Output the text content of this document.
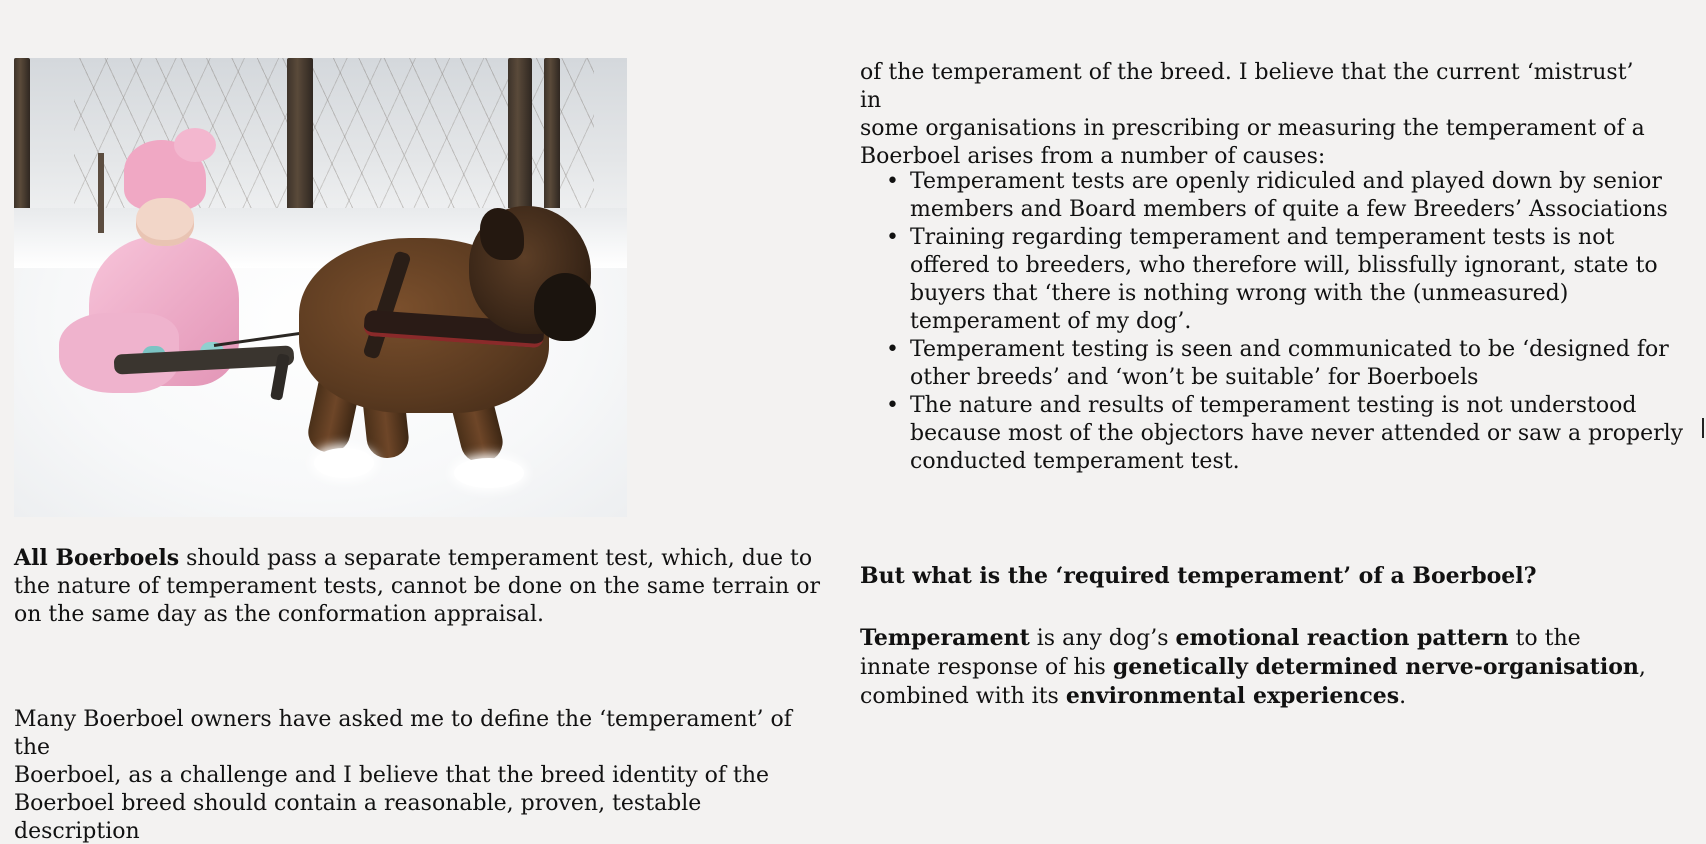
All Boerboels should pass a separate temperament test, which, due to

the nature of temperament tests, cannot be done on the same terrain or

on the same day as the conformation appraisal.

Many Boerboel owners have asked me to define the ‘temperament’ of the

Boerboel, as a challenge and I believe that the breed identity of the

Boerboel breed should contain a reasonable, proven, testable description

of the temperament of the breed. I believe that the current ‘mistrust’ in

some organisations in prescribing or measuring the temperament of a

Boerboel arises from a number of causes:

• Temperament tests are openly ridiculed and played down by senior
members and Board members of quite a few Breeders’ Associations
• Training regarding temperament and temperament tests is not
offered to breeders, who therefore will, blissfully ignorant, state to
buyers that ‘there is nothing wrong with the (unmeasured)
temperament of my dog’.
• Temperament testing is seen and communicated to be ‘designed for
other breeds’ and ‘won’t be suitable’ for Boerboels
• The nature and results of temperament testing is not understood
because most of the objectors have never attended or saw a properly
conducted temperament test.
But what is the ‘required temperament’ of a Boerboel?

Temperament is any dog’s emotional reaction pattern to the

innate response of his genetically determined nerve-organisation,

combined with its environmental experiences.
